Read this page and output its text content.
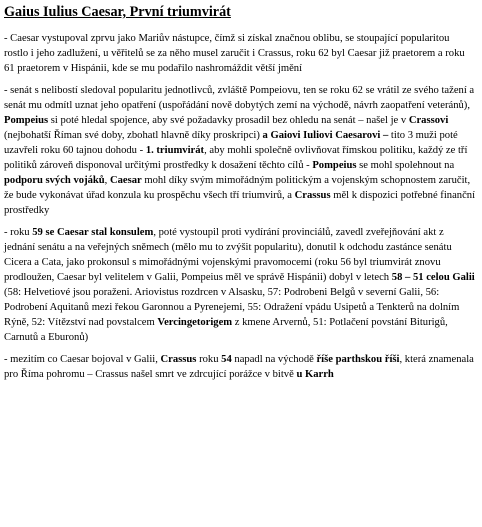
Gaius Iulius Caesar, První triumvirát
- Caesar vystupoval zprvu jako Mariův nástupce, čímž si získal značnou oblibu, se stoupající popularitou rostlo i jeho zadlužení, u věřitelů se za něho musel zaručit i Crassus, roku 62 byl Caesar již praetorem a roku 61 praetorem v Hispánii, kde se mu podařilo nashromáždit větší jmění
- senát s nelibostí sledoval popularitu jednotlivců, zvláště Pompeiovu, ten se roku 62 se vrátil ze svého tažení a senát mu odmítl uznat jeho opatření (uspořádání nově dobytých zemí na východě, návrh zaopatření veteránů), Pompeius si poté hledal spojence, aby své požadavky prosadil bez ohledu na senát – našel je v Crassovi (nejbohatší Říman své doby, zbohatl hlavně díky proskripci) a Gaiovi Iuliovi Caesarovi – tito 3 muži poté uzavřeli roku 60 tajnou dohodu - 1. triumvirát, aby mohli společně ovlivňovat římskou politiku, každý ze tří politiků zároveň disponoval určitými prostředky k dosažení těchto cílů - Pompeius se mohl spolehnout na podporu svých vojáků, Caesar mohl díky svým mimořádným politickým a vojenským schopnostem zaručit, že bude vykonávat úřad konzula ku prospěchu všech tří triumvirů, a Crassus měl k dispozici potřebné finanční prostředky
- roku 59 se Caesar stal konsulem, poté vystoupil proti vydírání provinciálů, zavedl zveřejňování akt z jednání senátu a na veřejných sněmech (mělo mu to zvýšit popularitu), donutil k odchodu zastánce senátu Cicera a Cata, jako prokonsul s mimořádnými vojenskými pravomocemi (roku 56 byl triumvirát znovu prodloužen, Caesar byl velitelem v Galii, Pompeius měl ve správě Hispánii) dobyl v letech 58 – 51 celou Galii (58: Helvetiové jsou poraženi. Ariovistus rozdrcen v Alsasku, 57: Podrobeni Belgů v severní Galii, 56: Podrobení Aquitanů mezi řekou Garonnou a Pyrenejemi, 55: Odražení vpádu Usipetů a Tenkterů na dolním Rýně, 52: Vítězství nad povstalcem Vercingetorigem z kmene Arvernů, 51: Potlačení povstání Biturigů, Carnutů a Eburonů)
- mezitím co Caesar bojoval v Galii, Crassus roku 54 napadl na východě říše parthskou říši, která znamenala pro Říma pohromu – Crassus našel smrt ve zdrcující porážce v bitvě u Karrh
